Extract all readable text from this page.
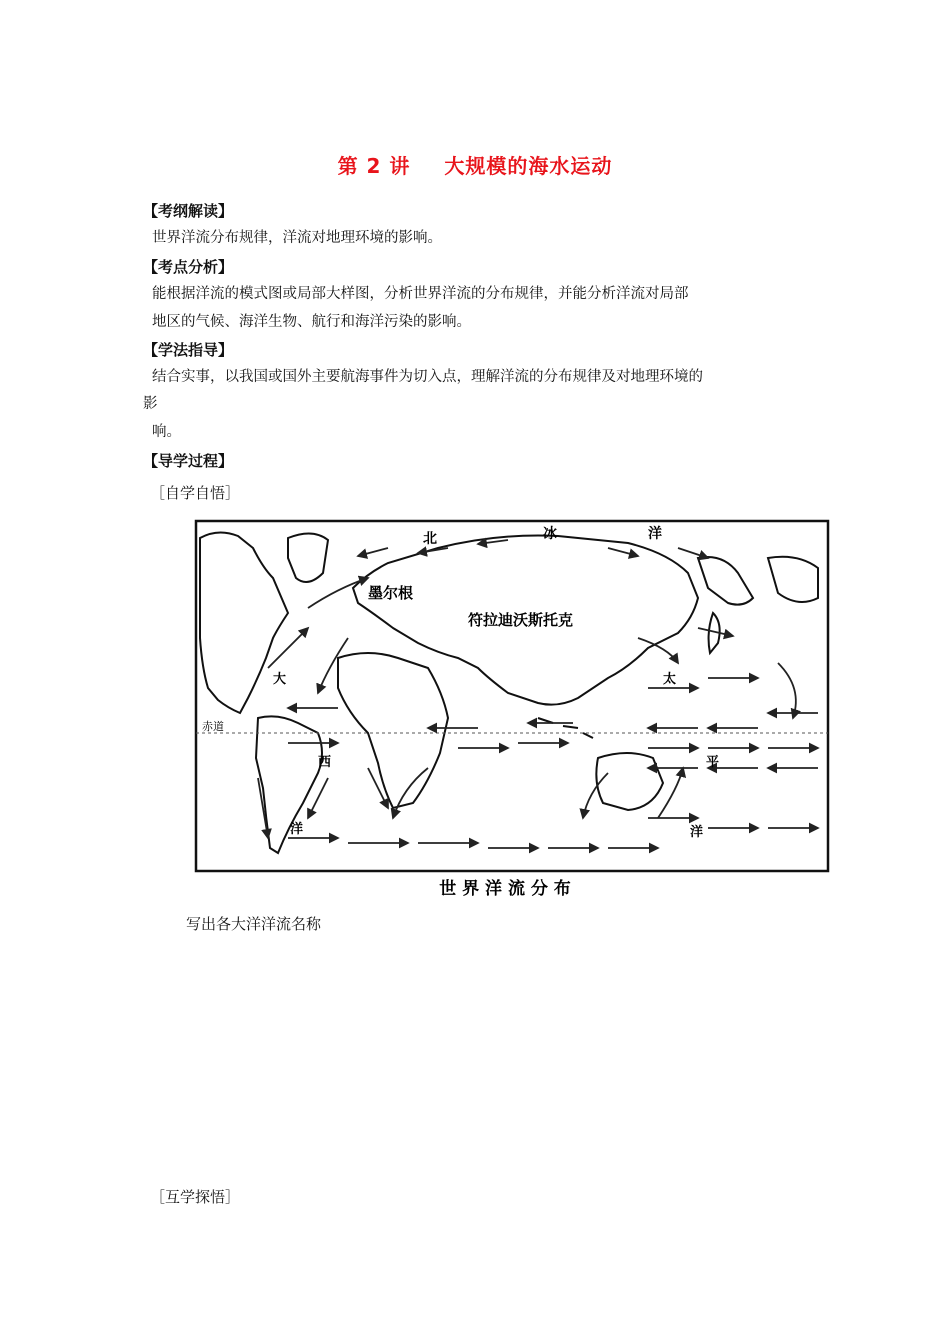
第 2 讲 大规模的海水运动
【考纲解读】
世界洋流分布规律，洋流对地理环境的影响。
【考点分析】
能根据洋流的模式图或局部大样图，分析世界洋流的分布规律，并能分析洋流对局部
地区的气候、海洋生物、航行和海洋污染的影响。
【学法指导】
结合实事，以我国或国外主要航海事件为切入点，理解洋流的分布规律及对地理环境的
影
响。
【导学过程】
［自学自悟］
北	冰	洋
墨尔根
符拉迪沃斯托克
大
西
洋
太
平
洋
赤道
世 界 洋 流 分 布
写出各大洋洋流名称
［互学探悟］
